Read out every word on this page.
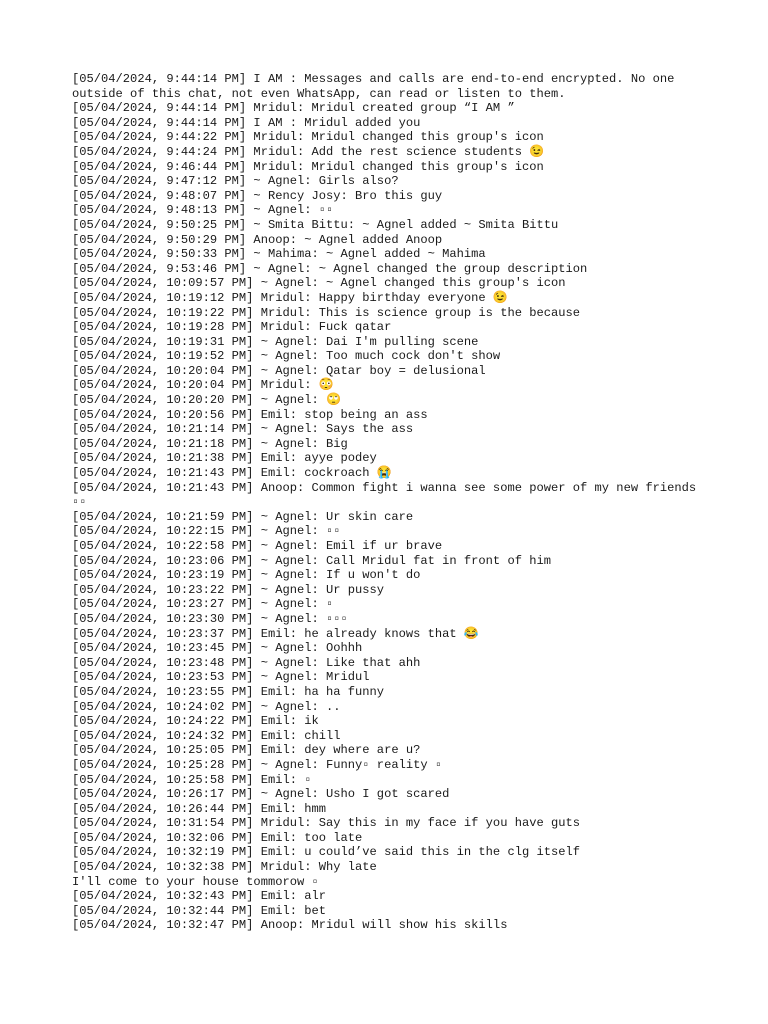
[05/04/2024, 9:44:14 PM] I AM : Messages and calls are end-to-end encrypted. No one outside of this chat, not even WhatsApp, can read or listen to them.
[05/04/2024, 9:44:14 PM] Mridul: Mridul created group “I AM ”
[05/04/2024, 9:44:14 PM] I AM : Mridul added you
[05/04/2024, 9:44:22 PM] Mridul: Mridul changed this group's icon
[05/04/2024, 9:44:24 PM] Mridul: Add the rest science students 😉
[05/04/2024, 9:46:44 PM] Mridul: Mridul changed this group's icon
[05/04/2024, 9:47:12 PM] ~ Agnel: Girls also?
[05/04/2024, 9:48:07 PM] ~ Rency Josy: Bro this guy
[05/04/2024, 9:48:13 PM] ~ Agnel: ▫▫
[05/04/2024, 9:50:25 PM] ~ Smita Bittu: ~ Agnel added ~ Smita Bittu
[05/04/2024, 9:50:29 PM] Anoop: ~ Agnel added Anoop
[05/04/2024, 9:50:33 PM] ~ Mahima: ~ Agnel added ~ Mahima
[05/04/2024, 9:53:46 PM] ~ Agnel: ~ Agnel changed the group description
[05/04/2024, 10:09:57 PM] ~ Agnel: ~ Agnel changed this group's icon
[05/04/2024, 10:19:12 PM] Mridul: Happy birthday everyone 😉
[05/04/2024, 10:19:22 PM] Mridul: This is science group is the because
[05/04/2024, 10:19:28 PM] Mridul: Fuck qatar
[05/04/2024, 10:19:31 PM] ~ Agnel: Dai I'm pulling scene
[05/04/2024, 10:19:52 PM] ~ Agnel: Too much cock don't show
[05/04/2024, 10:20:04 PM] ~ Agnel: Qatar boy = delusional
[05/04/2024, 10:20:04 PM] Mridul: 😳
[05/04/2024, 10:20:20 PM] ~ Agnel: 🙄
[05/04/2024, 10:20:56 PM] Emil: stop being an ass
[05/04/2024, 10:21:14 PM] ~ Agnel: Says the ass
[05/04/2024, 10:21:18 PM] ~ Agnel: Big
[05/04/2024, 10:21:38 PM] Emil: ayye podey
[05/04/2024, 10:21:43 PM] Emil: cockroach 😭
[05/04/2024, 10:21:43 PM] Anoop: Common fight i wanna see some power of my new friends ▫▫
[05/04/2024, 10:21:59 PM] ~ Agnel: Ur skin care
[05/04/2024, 10:22:15 PM] ~ Agnel: ▫▫
[05/04/2024, 10:22:58 PM] ~ Agnel: Emil if ur brave
[05/04/2024, 10:23:06 PM] ~ Agnel: Call Mridul fat in front of him
[05/04/2024, 10:23:19 PM] ~ Agnel: If u won't do
[05/04/2024, 10:23:22 PM] ~ Agnel: Ur pussy
[05/04/2024, 10:23:27 PM] ~ Agnel: ▫
[05/04/2024, 10:23:30 PM] ~ Agnel: ▫▫▫
[05/04/2024, 10:23:37 PM] Emil: he already knows that 😂
[05/04/2024, 10:23:45 PM] ~ Agnel: Oohhh
[05/04/2024, 10:23:48 PM] ~ Agnel: Like that ahh
[05/04/2024, 10:23:53 PM] ~ Agnel: Mridul
[05/04/2024, 10:23:55 PM] Emil: ha ha funny
[05/04/2024, 10:24:02 PM] ~ Agnel: ..
[05/04/2024, 10:24:22 PM] Emil: ik
[05/04/2024, 10:24:32 PM] Emil: chill
[05/04/2024, 10:25:05 PM] Emil: dey where are u?
[05/04/2024, 10:25:28 PM] ~ Agnel: Funny▫ reality ▫
[05/04/2024, 10:25:58 PM] Emil: ▫
[05/04/2024, 10:26:17 PM] ~ Agnel: Usho I got scared
[05/04/2024, 10:26:44 PM] Emil: hmm
[05/04/2024, 10:31:54 PM] Mridul: Say this in my face if you have guts
[05/04/2024, 10:32:06 PM] Emil: too late
[05/04/2024, 10:32:19 PM] Emil: u could’ve said this in the clg itself
[05/04/2024, 10:32:38 PM] Mridul: Why late
I'll come to your house tommorow ▫
[05/04/2024, 10:32:43 PM] Emil: alr
[05/04/2024, 10:32:44 PM] Emil: bet
[05/04/2024, 10:32:47 PM] Anoop: Mridul will show his skills
